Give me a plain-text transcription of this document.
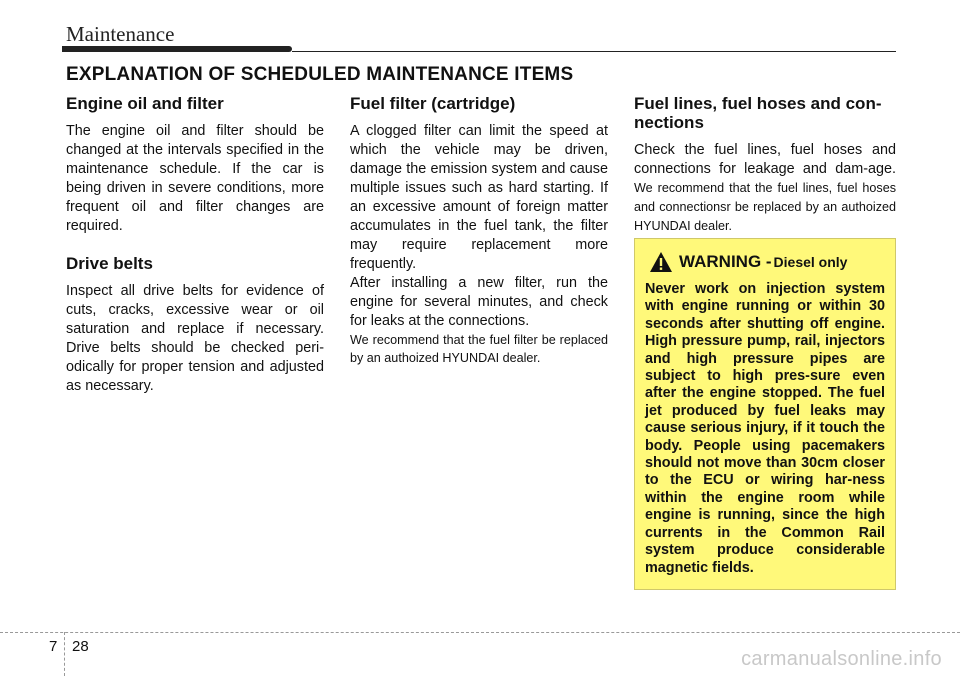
Maintenance
EXPLANATION OF SCHEDULED MAINTENANCE ITEMS
Engine oil and filter

The engine oil and filter should be changed at the intervals specified in the maintenance schedule. If the car is being driven in severe conditions, more frequent oil and filter changes are required.

Drive belts

Inspect all drive belts for evidence of cuts, cracks, excessive wear or oil saturation and replace if necessary. Drive belts should be checked peri-odically for proper tension and adjusted as necessary.

Fuel filter (cartridge)

A clogged filter can limit the speed at which the vehicle may be driven, damage the emission system and cause multiple issues such as hard starting. If an excessive amount of foreign matter accumulates in the fuel tank, the filter may require replacement more frequently.

After installing a new filter, run the engine for several minutes, and check for leaks at the connections.

We recommend that the fuel filter be replaced by an authoized HYUNDAI dealer.

Fuel lines, fuel hoses and con-nections

Check the fuel lines, fuel hoses and connections for leakage and dam-age. We recommend that the fuel lines, fuel hoses and connectionsr be replaced by an authoized HYUNDAI dealer.

WARNING - Diesel only

Never work on injection system with engine running or within 30 seconds after shutting off engine. High pressure pump, rail, injectors and high pressure pipes are subject to high pres-sure even after the engine stopped. The fuel jet produced by fuel leaks may cause serious injury, if it touch the body. People using pacemakers should not move than 30cm closer to the ECU or wiring har-ness within the engine room while engine is running, since the high currents in the Common Rail system produce considerable magnetic fields.

7 28
carmanualsonline.info
